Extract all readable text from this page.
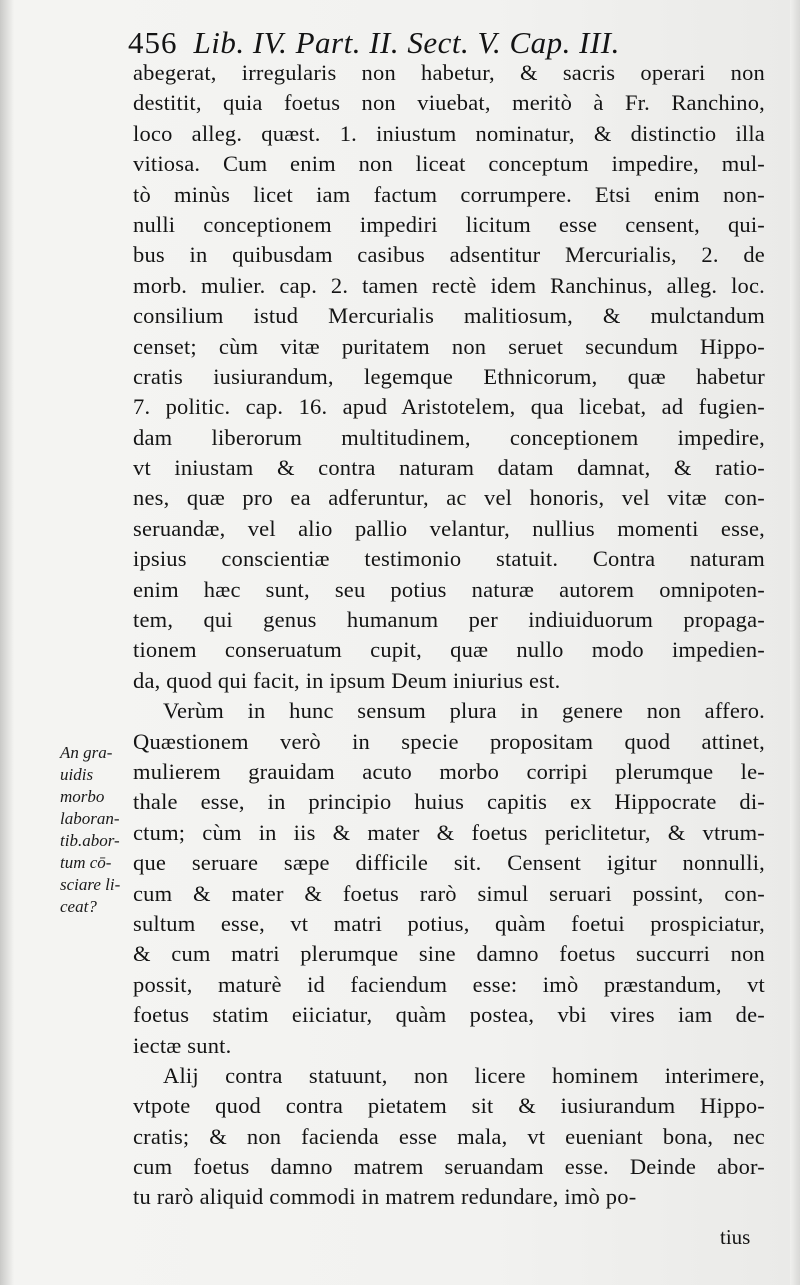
456 Lib. IV. Part. II. Sect. V. Cap. III.
abegerat, irregularis non habetur, & sacris operari non
destitit, quia foetus non viuebat, meritò à Fr. Ranchino,
loco alleg. quæst. 1. iniustum nominatur, & distinctio illa
vitiosa. Cum enim non liceat conceptum impedire, mul-
tò minùs licet iam factum corrumpere. Etsi enim non-
nulli conceptionem impediri licitum esse censent, qui-
bus in quibusdam casibus adsentitur Mercurialis, 2. de
morb. mulier. cap. 2. tamen rectè idem Ranchinus, alleg. loc.
consilium istud Mercurialis malitiosum, & mulctandum
censet; cùm vitæ puritatem non seruet secundum Hippo-
cratis iusiurandum, legemque Ethnicorum, quæ habetur
7. politic. cap. 16. apud Aristotelem, qua licebat, ad fugien-
dam liberorum multitudinem, conceptionem impedire,
vt iniustam & contra naturam datam damnat, & ratio-
nes, quæ pro ea adferuntur, ac vel honoris, vel vitæ con-
seruandæ, vel alio pallio velantur, nullius momenti esse,
ipsius conscientiæ testimonio statuit. Contra naturam
enim hæc sunt, seu potius naturæ autorem omnipoten-
tem, qui genus humanum per indiuiduorum propaga-
tionem conseruatum cupit, quæ nullo modo impedien-
da, quod qui facit, in ipsum Deum iniurius est.
Verùm in hunc sensum plura in genere non affero.
Quæstionem verò in specie propositam quod attinet,
mulierem grauidam acuto morbo corripi plerumque le-
thale esse, in principio huius capitis ex Hippocrate di-
ctum; cùm in iis & mater & foetus periclitetur, & vtrum-
que seruare sæpe difficile sit. Censent igitur nonnulli,
cum & mater & foetus rarò simul seruari possint, con-
sultum esse, vt matri potius, quàm foetui prospiciatur,
& cum matri plerumque sine damno foetus succurri non
possit, maturè id faciendum esse: imò præstandum, vt
foetus statim eiiciatur, quàm postea, vbi vires iam de-
iectæ sunt.
Alij contra statuunt, non licere hominem interimere,
vtpote quod contra pietatem sit & iusiurandum Hippo-
cratis; & non facienda esse mala, vt eueniant bona, nec
cum foetus damno matrem seruandam esse. Deinde abor-
tu rarò aliquid commodi in matrem redundare, imò po-
An gra-
uidis
morbo
laboran-
tib.abor-
tum cō-
sciare li-
ceat?
tius
